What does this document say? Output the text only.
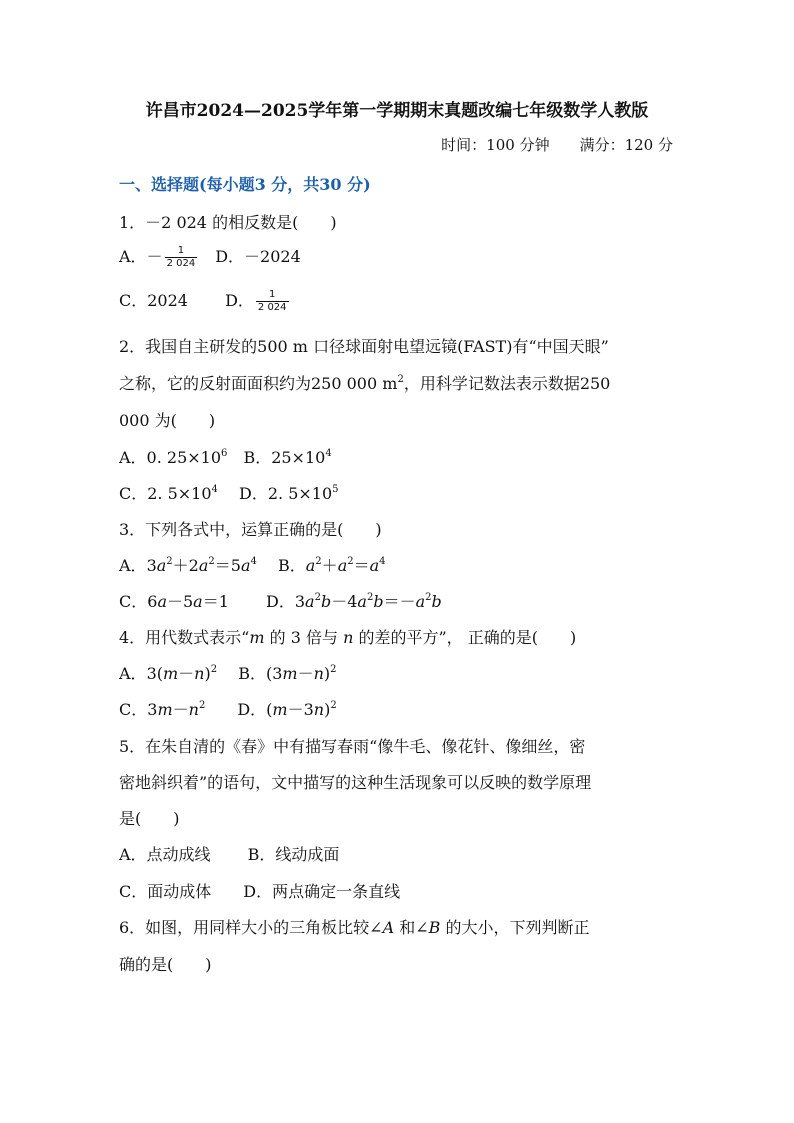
许昌市2024—2025学年第一学期期末真题改编七年级数学人教版
时间：100 分钟　　 满分：120 分
一、选择题(每小题3 分，共30 分)
1．－2 024 的相反数是(　　)
A．－ $\frac{1}{2 024}$
　 D．－2024
C．2024　　 D． $\frac{1}{2 024}$
2．我国自主研发的500 m 口径球面射电望远镜(FAST)有“中国天眼”
之称，它的反射面面积约为250 000 $m^2$，用科学记数法表示数据250
000 为(　　)
A．0. $25\times 10^6$　 B．$25\times 10^4$
C．2. $5\times 10^4$　 D．2. $5\times 10^5$
3．下列各式中，运算正确的是(　　)
A．$3a^2+2a^2=5a^4$　 B．$a^2+a^2=a^4$
C．6a－5a＝1　　 D．$3a^2b-4a^2b=-a^2b$
4．用代数式表示“m 的 3 倍与 n 的差的平方”， 正确的是(　　)
A．$3(m-n)^2$　 B．$(3m-n)^2$
C．$3m-n^2$　　 D．$(m-3n)^2$
5．在朱自清的《春》中有描写春雨“像牛毛、像花针、像细丝，密
密地斜织着”的语句，文中描写的这种生活现象可以反映的数学原理
是(　　)
A．点动成线　　 B．线动成面
C．面动成体　　 D．两点确定一条直线
6．如图，用同样大小的三角板比较∠A 和∠B 的大小，下列判断正
确的是(　　)
